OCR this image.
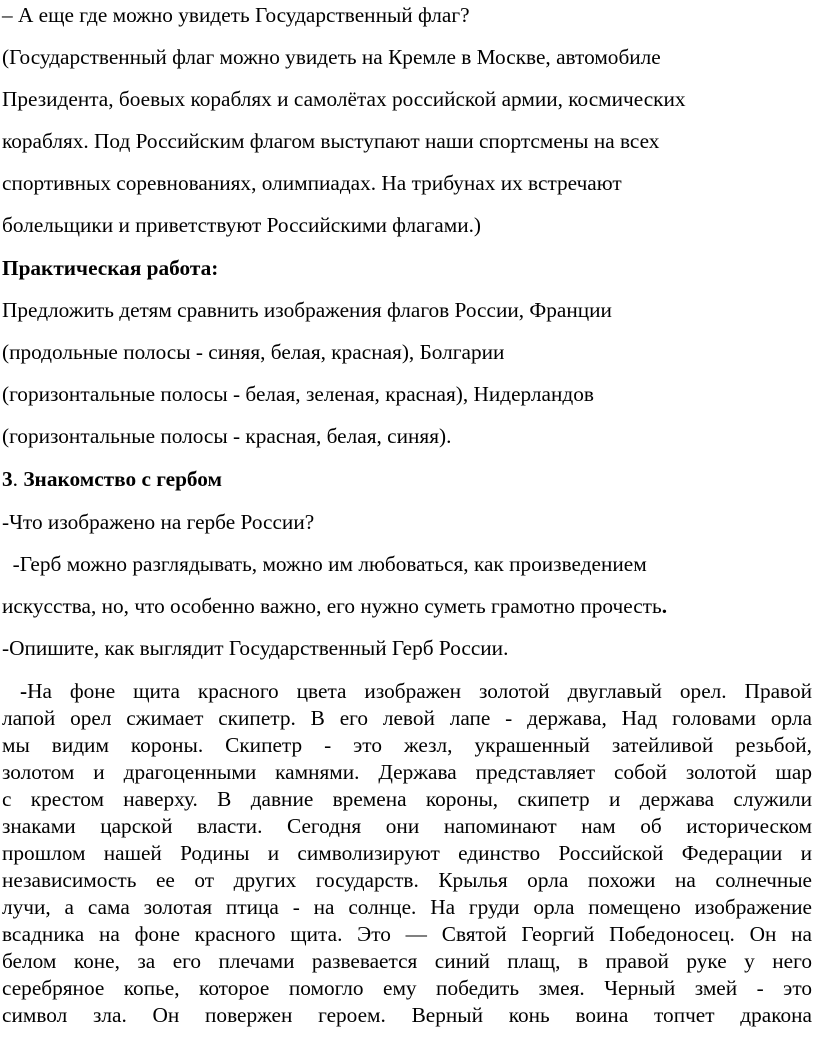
– А еще где можно увидеть Государственный флаг?

(Государственный флаг можно увидеть на Кремле в Москве, автомобиле

Президента, боевых кораблях и самолётах российской армии, космических

кораблях. Под Российским флагом выступают наши спортсмены на всех

спортивных соревнованиях, олимпиадах. На трибунах их встречают

болельщики и приветствуют Российскими флагами.)

Практическая работа:

Предложить детям сравнить изображения флагов России, Франции

(продольные полосы - синяя, белая, красная), Болгарии

(горизонтальные полосы - белая, зеленая, красная), Нидерландов

(горизонтальные полосы - красная, белая, синяя).

3. Знакомство с гербом

-Что изображено на гербе России?

-Герб можно разглядывать, можно им любоваться, как произведением

искусства, но, что особенно важно, его нужно суметь грамотно прочесть.

-Опишите, как выглядит Государственный Герб России.

-На фоне щита красного цвета изображен золотой двуглавый орел. Правой

лапой орел сжимает скипетр. В его левой лапе - держава, Над головами орла

мы видим короны. Скипетр - это жезл, украшенный затейливой резьбой,

золотом и драгоценными камнями. Держава представляет собой золотой шар

с крестом наверху. В давние времена короны, скипетр и держава служили

знаками царской власти. Сегодня они напоминают нам об историческом

прошлом нашей Родины и символизируют единство Российской Федерации и

независимость ее от других государств. Крылья орла похожи на солнечные

лучи, а сама золотая птица - на солнце. На груди орла помещено изображение

всадника на фоне красного щита. Это — Святой Георгий Победоносец. Он на

белом коне, за его плечами развевается синий плащ, в правой руке у него

серебряное копье, которое помогло ему победить змея. Черный змей - это

символ зла. Он повержен героем. Верный конь воина топчет дракона
